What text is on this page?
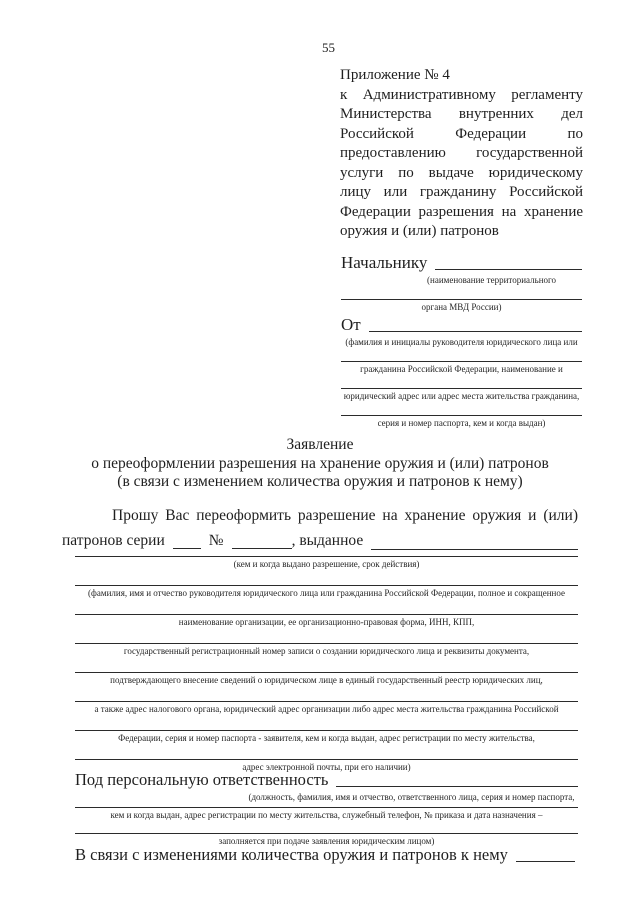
55
Приложение № 4
к Административному регламенту
Министерства внутренних дел
Российской Федерации по
предоставлению государственной
услуги по выдаче юридическому
лицу или гражданину Российской
Федерации разрешения на хранение
оружия и (или) патронов
Начальнику
(наименование территориального
органа МВД России)
От
(фамилия и инициалы руководителя юридического лица или
гражданина Российской Федерации, наименование и
юридический адрес или адрес места жительства гражданина,
серия и номер паспорта, кем и когда выдан)
Заявление
о переоформлении разрешения на хранение оружия и (или) патронов
(в связи с изменением количества оружия и патронов к нему)
Прошу Вас переоформить разрешение на хранение оружия и (или)
патронов серии	№	, выданное
(кем и когда выдано разрешение, срок действия)
(фамилия, имя и отчество руководителя юридического лица или гражданина Российской Федерации, полное и сокращенное
наименование организации, ее организационно-правовая форма, ИНН, КПП,
государственный регистрационный номер записи о создании юридического лица и реквизиты документа,
подтверждающего внесение сведений о юридическом лице в единый государственный реестр юридических лиц,
а также адрес налогового органа, юридический адрес организации либо адрес места жительства гражданина Российской
Федерации, серия и номер паспорта - заявителя, кем и когда выдан, адрес регистрации по месту жительства,
адрес электронной почты, при его наличии)
Под персональную ответственность
(должность, фамилия, имя и отчество, ответственного лица, серия и номер паспорта,
кем и когда выдан, адрес регистрации по месту жительства, служебный телефон, № приказа и дата назначения –
заполняется при подаче заявления юридическим лицом)
В связи с изменениями количества оружия и патронов к нему
